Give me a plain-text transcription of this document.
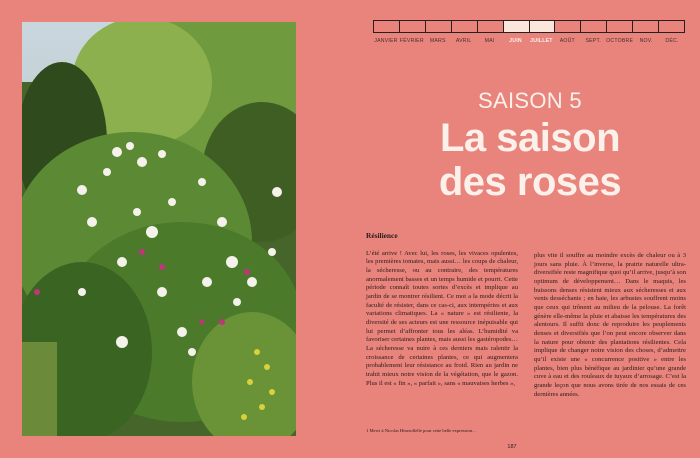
JANVIER FÉVRIER	MARS	AVRIL	MAI	JUIN	JUILLET	AOÛT	SEPT.	OCTOBRE	NOV.	DÉC.
SAISON 5
La saison
des roses
Résilience

L’été arrive ! Avec lui, les roses, les vivaces opulentes, les premières tomates, mais aussi… les coups de chaleur, la sécheresse, ou au contraire, des températures anormalement basses et un temps humide et pourri. Cette période connaît toutes sortes d’excès et implique au jardin de se montrer résilient. Ce mot a la mode décrit la faculté de résister, dans ce cas-ci, aux intempéries et aux variations climatiques. La « nature » est résiliente, la diversité de ses acteurs est une ressource inépuisable qui lui permet d’affronter tous les aléas. L’humidité va favoriser certaines plantes, mais aussi les gastéropodes… La sécheresse va nuire à ces derniers mais ralentir la croissance de certaines plantes, ce qui augmentera probablement leur résistance au froid. Rien au jardin ne trahit mieux notre vision de la végétation, que le gazon. Plus il est « fin », « parfait », sans « mauvaises herbes »,

plus vite il souffre au moindre excès de chaleur ou à 3 jours sans pluie. À l’inverse, la prairie naturelle ultra-diversifiée reste magnifique quoi qu’il arrive, jusqu’à son optimum de développement… Dans le maquis, les buissons denses résistent mieux aux sécheresses et aux vents desséchants ; en haie, les arbustes souffrent moins que ceux qui trônent au milieu de la pelouse. La forêt génère elle-même la pluie et abaisse les températures des alentours. Il suffit donc de reproduire les peuplements denses et diversifiés que l’on peut encore observer dans la nature pour obtenir des plantations résilientes. Cela implique de changer notre vision des choses, d’admettre qu’il existe une « concurrence positive » entre les plantes, bien plus bénéfique au jardinier qu’une grande cuve à eau et des rouleaux de tuyaux d’arrosage. C’est la grande leçon que nous avons tirée de nos essais de ces dernières années.

1 Merci à Nicolas Hinrzollelle pour cette belle expression…
187
